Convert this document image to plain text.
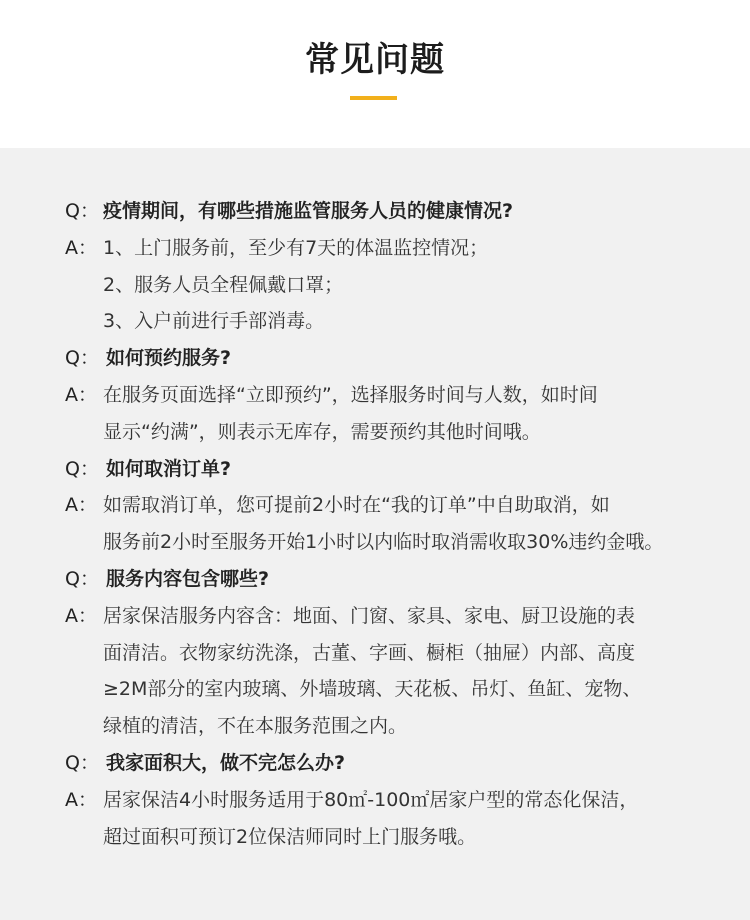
常见问题
Q： 疫情期间，有哪些措施监管服务人员的健康情况?
A： 1、上门服务前，至少有7天的体温监控情况；
2、服务人员全程佩戴口罩；
3、入户前进行手部消毒。
Q： 如何预约服务?
A： 在服务页面选择“立即预约”，选择服务时间与人数，如时间
显示“约满”，则表示无库存，需要预约其他时间哦。
Q： 如何取消订单?
A： 如需取消订单，您可提前2小时在“我的订单”中自助取消，如
服务前2小时至服务开始1小时以内临时取消需收取30%违约金哦。
Q： 服务内容包含哪些?
A： 居家保洁服务内容含：地面、门窗、家具、家电、厨卫设施的表
面清洁。衣物家纺洗涤，古董、字画、橱柜（抽屉）内部、高度
≥2M部分的室内玻璃、外墙玻璃、天花板、吊灯、鱼缸、宠物、
绿植的清洁，不在本服务范围之内。
Q： 我家面积大，做不完怎么办?
A： 居家保洁4小时服务适用于80㎡-100㎡居家户型的常态化保洁，
超过面积可预订2位保洁师同时上门服务哦。
